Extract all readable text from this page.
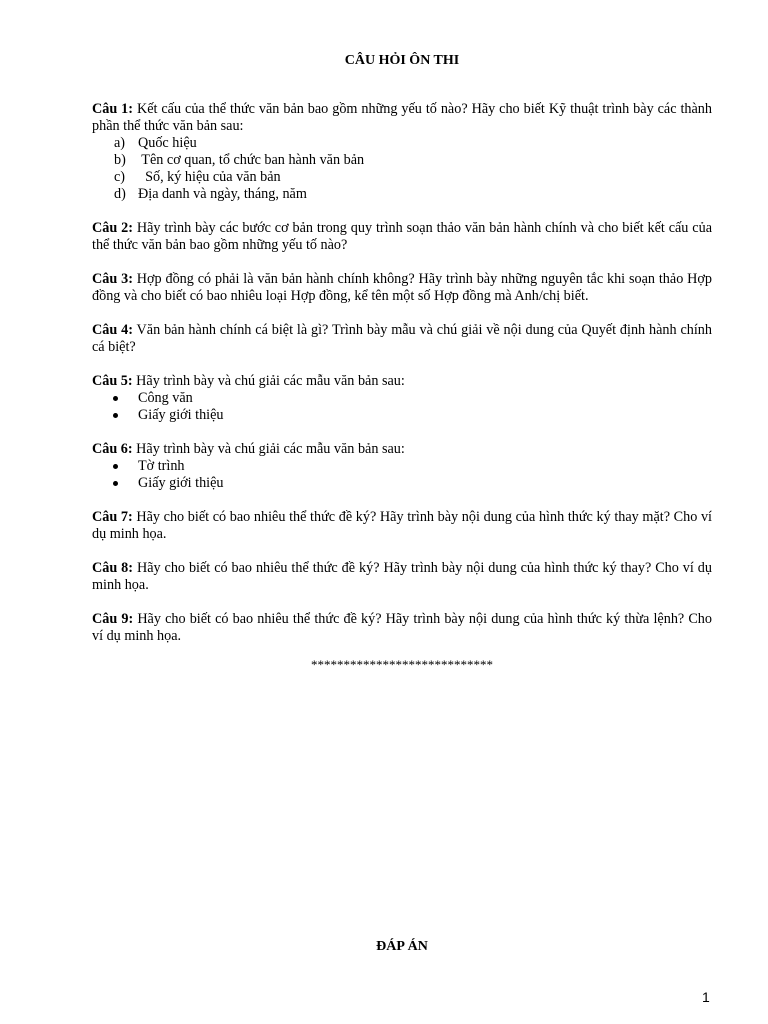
CÂU HỎI ÔN THI
Câu 1: Kết cấu của thể thức văn bản bao gồm những yếu tố nào? Hãy cho biết Kỹ thuật trình bày các thành phần thể thức văn bản sau:
a) Quốc hiệu
b) Tên cơ quan, tổ chức ban hành văn bản
c) Số, ký hiệu của văn bản
d) Địa danh và ngày, tháng, năm
Câu 2: Hãy trình bày các bước cơ bản trong quy trình soạn thảo văn bản hành chính và cho biết kết cấu của thể thức văn bản bao gồm những yếu tố nào?
Câu 3: Hợp đồng có phải là văn bản hành chính không? Hãy trình bày những nguyên tắc khi soạn thảo Hợp đồng và cho biết có bao nhiêu loại Hợp đồng, kể tên một số Hợp đồng mà Anh/chị biết.
Câu 4: Văn bản hành chính cá biệt là gì? Trình bày mẫu và chú giải về nội dung của Quyết định hành chính cá biệt?
Câu 5: Hãy trình bày và chú giải các mẫu văn bản sau:
Công văn
Giấy giới thiệu
Câu 6: Hãy trình bày và chú giải các mẫu văn bản sau:
Tờ trình
Giấy giới thiệu
Câu 7: Hãy cho biết có bao nhiêu thể thức đề ký? Hãy trình bày nội dung của hình thức ký thay mặt? Cho ví dụ minh họa.
Câu 8: Hãy cho biết có bao nhiêu thể thức đề ký? Hãy trình bày nội dung của hình thức ký thay? Cho ví dụ minh họa.
Câu 9: Hãy cho biết có bao nhiêu thể thức đề ký? Hãy trình bày nội dung của hình thức ký thừa lệnh? Cho ví dụ minh họa.
****************************
ĐÁP ÁN
1
